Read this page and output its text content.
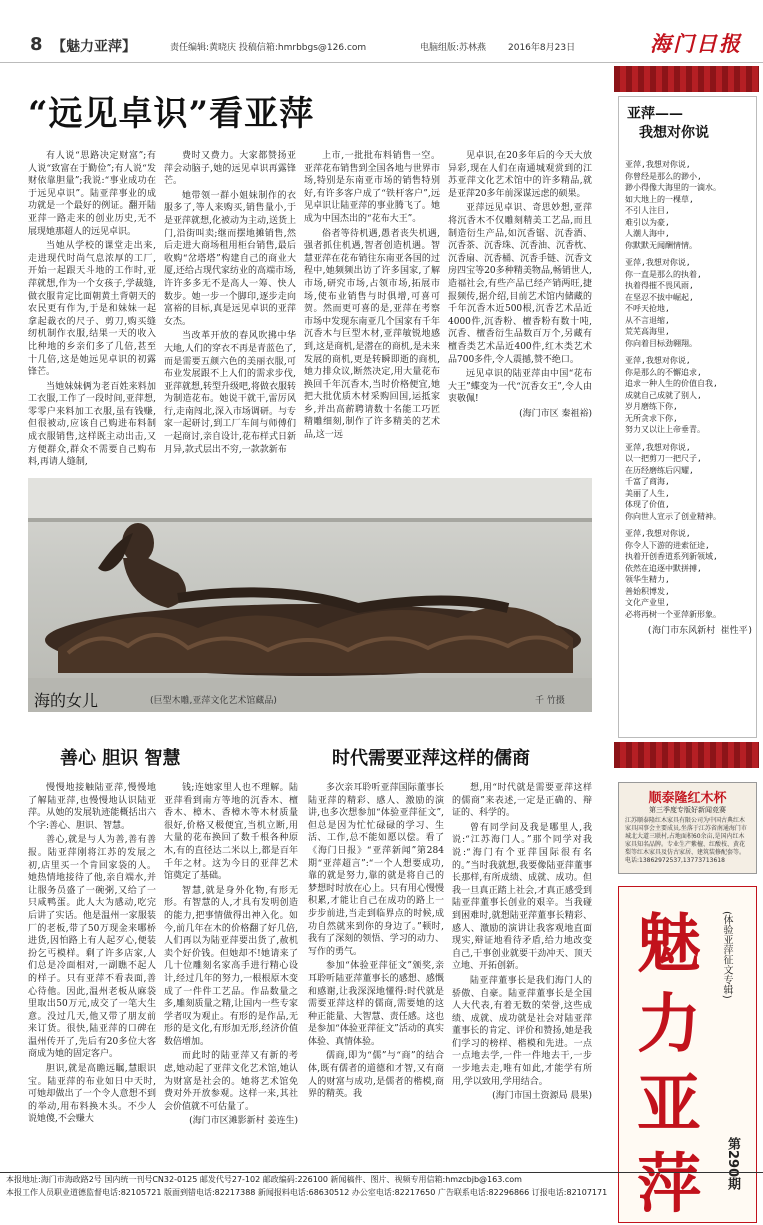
8 【魅力亚萍】	责任编辑:黄晓庆 投稿信箱:hmrbbgs@126.com	电脑组版:苏林燕 2016年8月23日	海门日报
“远见卓识”看亚萍

有人说“思路决定财富”;有人说“致富在于勤俭”;有人说“发财依靠胆量”;我说:“事业成功在于远见卓识”。陆亚萍事业的成功就是一个最好的例证。翻开陆亚萍一路走来的创业历史,无不展现她那超人的远见卓识。

当她从学校的课堂走出来,走进现代时尚气息浓厚的工厂,开始一起跟天斗地的工作时,亚萍就想,作为一个女孩子,学裁缝,做衣服肯定比面朝黄土背朝天的农民更有作为,于是和妹妹一起拿起裁衣的尺子、剪刀,购买缝纫机制作衣服,结果一天的收入比种地的乡亲们多了几倍,甚至十几倍,这是她远见卓识的初露锋芒。

当她妹妹俩为老百姓来料加工衣服,工作了一段时间,亚萍想,零零户来料加工衣服,虽有钱赚,但很被动,应该自己购进布料制成衣服销售,这样既主动出击,又方便群众,群众不需要自己购布料,再请人缝制,

费时又费力。大家都赞扬亚萍会动脑子,她的远见卓识再露锋芒。

她带领一群小姐妹制作的衣服多了,等人来购买,销售量小,于是亚萍就想,化被动为主动,送货上门,沿街叫卖;继而摆地摊销售,然后走进大商场租用柜台销售,最后收购“岔塔塔”构建自己的商业大厦,还给占现代家纺业的高端市场,许许多多无不是高人一筹、快人数步。她一步一个脚印,逐步走向富裕的目标,真是远见卓识的亚萍女杰。

当改革开放的春风吹拂中华大地,人们的穿衣不再是青蓝色了,而是需要五颜六色的美丽衣服,可布业发展跟不上人们的需求步伐,亚萍就想,转型升级吧,将做衣服转为制造花布。她说干就干,雷厉风行,走南闯北,深入市场调研。与专家一起研讨,到工厂车间与师傅们一起商讨,亲自设计,花布样式日新月异,款式层出不穷,一款款新布

上市,一批批布料销售一空。亚萍花布销售到全国各地与世界市场,特别是东南亚市场的销售特别好,有许多客户成了“铁杆客户”,远见卓识让陆亚萍的事业腾飞了。她成为中国杰出的“花布大王”。

俗者等待机遇,愚者丧失机遇,强者抓住机遇,智者创造机遇。智慧亚萍在花布销往东南亚各国的过程中,她频频出访了许多国家,了解市场,研究市场,占领市场,拓展市场,使布业销售与时俱增,可喜可贺。然而更可喜的是,亚萍在考察市场中发现东南亚几个国家有千年沉香木与巨型木材,亚萍敏锐地感到,这是商机,是潜在的商机,是未来发展的商机,更是转瞬即逝的商机,她力排众议,断然决定,用大量花布换回千年沉香木,当时价格便宜,她把大批优质木材采购回国,运抵家乡,并出高薪聘请数十名能工巧匠精雕细刻,制作了许多精美的艺术品,这一远

见卓识,在20多年后的今天大放异彩,现在人们在南通城观赏到的江苏亚萍文化艺术馆中的许多精品,就是亚萍20多年前深谋远虑的硕果。

亚萍远见卓识、奇思妙想,亚萍将沉香木不仅雕刻精美工艺品,而且制造衍生产品,如沉香锯、沉香酒、沉香茶、沉香珠、沉香油、沉香枕、沉香扇、沉香桶、沉香手链、沉香文房四宝等20多种精美物品,畅销世人,造福社会,有些产品已经产销两旺,捷报频传,据介绍,目前艺术馆内储藏的千年沉香木近500根,沉香艺术品近4000件,沉香粉、檀香粉有数十吨,沉香、檀香衍生品数百万个,另藏有檀香类艺术品近400件,红木类艺术品700多件,令人震撼,赞不绝口。

远见卓识的陆亚萍由中国“花布大王”蝶变为一代“沉香女王”,令人由衷敬佩!

(海门市区 秦祖裕)
海的女儿	(巨型木雕,亚萍文化艺术馆藏品)	千 竹摄
善心 胆识 智慧

慢慢地接触陆亚萍,慢慢地了解陆亚萍,也慢慢地认识陆亚萍。从她的发展轨迹能概括出六个字:善心、胆识、智慧。

善心,就是与人为善,善有善报。陆亚萍刚将江苏的发展之初,店里买一个肯回家袋的人。她热情地接待了他,亲自端水,并让服务员盛了一碗粥,又给了一只咸鸭蛋。此人大为感动,吃完后讲了实话。他是温州一家服装厂的老板,带了50万现金来哪桥进货,因怕路上有人起歹心,便装扮乞丐模样。剩了许多店家,人们总是冷面相对,一副瞧不起人的样子。只有亚萍不看表面,善心待他。因此,温州老板从麻袋里取出50万元,成交了一笔大生意。没过几天,他又带了朋友前来订货。很快,陆亚萍的口碑在温州传开了,先后有20多位大客商成为她的固定客户。

胆识,就是高瞻远瞩,慧眼识宝。陆亚萍的布业如日中天时,可她却做出了一个令人意想不到的举动,用布料换木头。不少人说她傻,不会赚大

钱;连她家里人也不理解。陆亚萍看到南方等地的沉香木、檀香木、樟木、香樟木等木材质量很好,价格又极便宜,当机立断,用大量的花布换回了数千根各种原木,有的直径达二米以上,都是百年千年之材。这为今日的亚萍艺术馆奠定了基础。

智慧,就是身外化物,有形无形。有智慧的人,才具有发明创造的能力,把事情做得出神入化。如今,前几年在木的价格翻了好几倍,人们再以为陆亚萍要出货了,赦机卖个好价钱。但她却不!她请来了几十位雕刻名家高手进行精心设计,经过几年的努力,一根根原木变成了一件件工艺品。作品数量之多,雕刻质量之精,让国内一些专家学者叹为观止。有形的是作品,无形的是文化,有形加无形,经济价值数倍增加。

而此时的陆亚萍又有新的考虑,她动起了亚萍文化艺术馆,她认为财富是社会的。她将艺术馆免费对外开放参观。这样一来,其社会价值就不可估量了。

(海门市区滩影新村 姜连生)
时代需要亚萍这样的儒商

多次亲耳聆听亚萍国际董事长陆亚萍的精彩、感人、激励的演讲,也多次想参加“体验亚萍征文”,但总是因为忙忙碌碌的学习、生活、工作,总不能如愿以偿。看了《海门日报》“亚萍新闻”第284期“亚萍超言”:“一个人想要成功,靠的就是努力,靠的就是将自己的梦想时时放在心上。只有用心慢慢积累,才能让自己在成功的路上一步步前进,当走到临界点的时候,成功自然就来到你的身边了。”顿时,我有了深刻的领悟、学习的动力、写作的勇气。

参加“体验亚萍征文”颁奖,亲耳聆听陆亚萍董事长的感想、感慨和感谢,让我深深地懂得:时代就是需要亚萍这样的儒商,需要她的这种正能量、大智慧、责任感。这也是参加“体验亚萍征文”活动的真实体验、真情体验。

儒商,即为“儒”与“商”的结合体,既有儒者的道德和才智,又有商人的财富与成功,是儒者的楷模,商界的精英。我

想,用“时代就是需要亚萍这样的儒商”来表述,一定是正确的、辩证的、科学的。

曾有同学问及我是哪里人,我说:“江苏海门人。”那个同学对我说:“海门有个亚萍国际很有名的。”当时我就想,我要像陆亚萍董事长那样,有所成绩、成就、成功。但我一旦真正踏上社会,才真正感受到陆亚萍董事长创业的艰辛。当我碰到困难时,就想陆亚萍董事长精彩、感人、激励的演讲让我客观地直面现实,辩证地看待矛盾,给力地改变自己,干事创业就要干劲冲天、顶天立地、开拓创新。

陆亚萍董事长是我们海门人的骄傲、自豪。陆亚萍董事长是全国人大代表,有着无数的荣誉,这些成绩、成就、成功就是社会对陆亚萍董事长的肯定、评价和赞扬,她是我们学习的榜样、楷模和先进。一点一点地去学,一件一件地去干,一步一步地去走,唯有如此,才能学有所用,学以致用,学用结合。

(海门市国土资源局 晨果)
亚萍——
我想对你说

亚萍,我想对你说,
你曾经是那么的渺小,
渺小得像大海里的一滴水。
如大地上的一棵草,
不引人注目,
难引以为豪,
人潮人海中,
你默默无闻酬情情。

亚萍,我想对你说,
你一直是那么的执着,
执着得摧不畏风雨,
在坚忍不拔中崛起,
不呼天抢地,
从不言退缩,
荒芜高海里,
你向着目标劲翱翔。

亚萍,我想对你说,
你是那么的不懈追求,
追求一种人生的价值自我,
成就自己成就了别人,
岁月磨练下你,
无所贪求下你,
努力又以让上帝垂青。

亚萍,我想对你说,
以一把剪刀一把尺子,
在历经磨练后闪耀,
千富了商海,
美丽了人生,
体现了价值,
你向世人宣示了创业精神。

亚萍,我想对你说,
你令人下游的进索征途,
执着开创香道系列新领域,
依然在追逐中默拼搏,
领华生精力,
善始积博发,
文化产业里,
必将再树一个亚萍新形象。

(海门市东风新村 崔性平)
顺泰隆红木杯
第三季度专版好新闻竞赛
江苏顺泰隆红木家具有限公司为中国古典红木家具国事会主要成员,坐落于江苏省南通海门市城北大道三联村,占地面积60余亩,是国内红木家具知名品牌。专业生产紫檀、红酸枝、黄花梨等红木家具及仿古家居、建筑装修配套等。
电话:13862972537,13773713618
魅力亚萍
(体验亚萍征文专辑)
第290期
本报地址:海门市海政路2号 国内统一刊号CN32-0125 邮发代号27-102 邮政编码:226100 新闻稿件、图片、视频专用信箱:hmzcbjb@163.com
本报工作人员职业道德监督电话:82105721 版面到错电话:82217388 新闻报料电话:68630512 办公室电话:82217650 广告联系电话:82296866 订报电话:82107171
